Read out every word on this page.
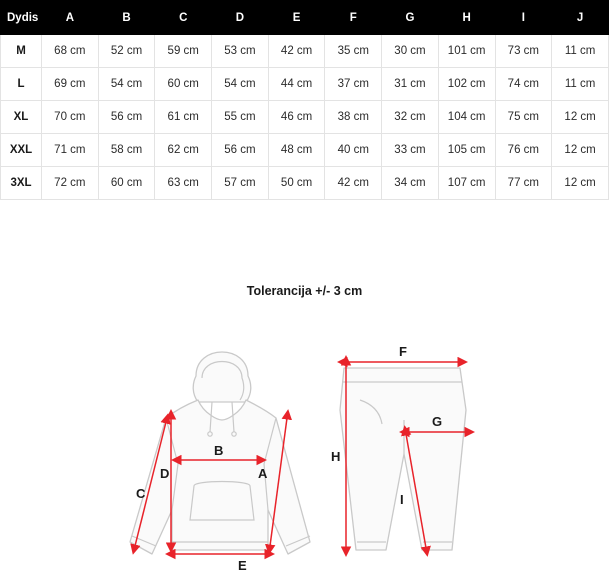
Dydis	A	B	C	D	E	F	G	H	I	J
M	68 cm	52 cm	59 cm	53 cm	42 cm	35 cm	30 cm	101 cm	73 cm	11 cm
L	69 cm	54 cm	60 cm	54 cm	44 cm	37 cm	31 cm	102 cm	74 cm	11 cm
XL	70 cm	56 cm	61 cm	55 cm	46 cm	38 cm	32 cm	104 cm	75 cm	12 cm
XXL	71 cm	58 cm	62 cm	56 cm	48 cm	40 cm	33 cm	105 cm	76 cm	12 cm
3XL	72 cm	60 cm	63 cm	57 cm	50 cm	42 cm	34 cm	107 cm	77 cm	12 cm
Tolerancija +/- 3 cm
A
B
C
D
E
F
G
H
I
